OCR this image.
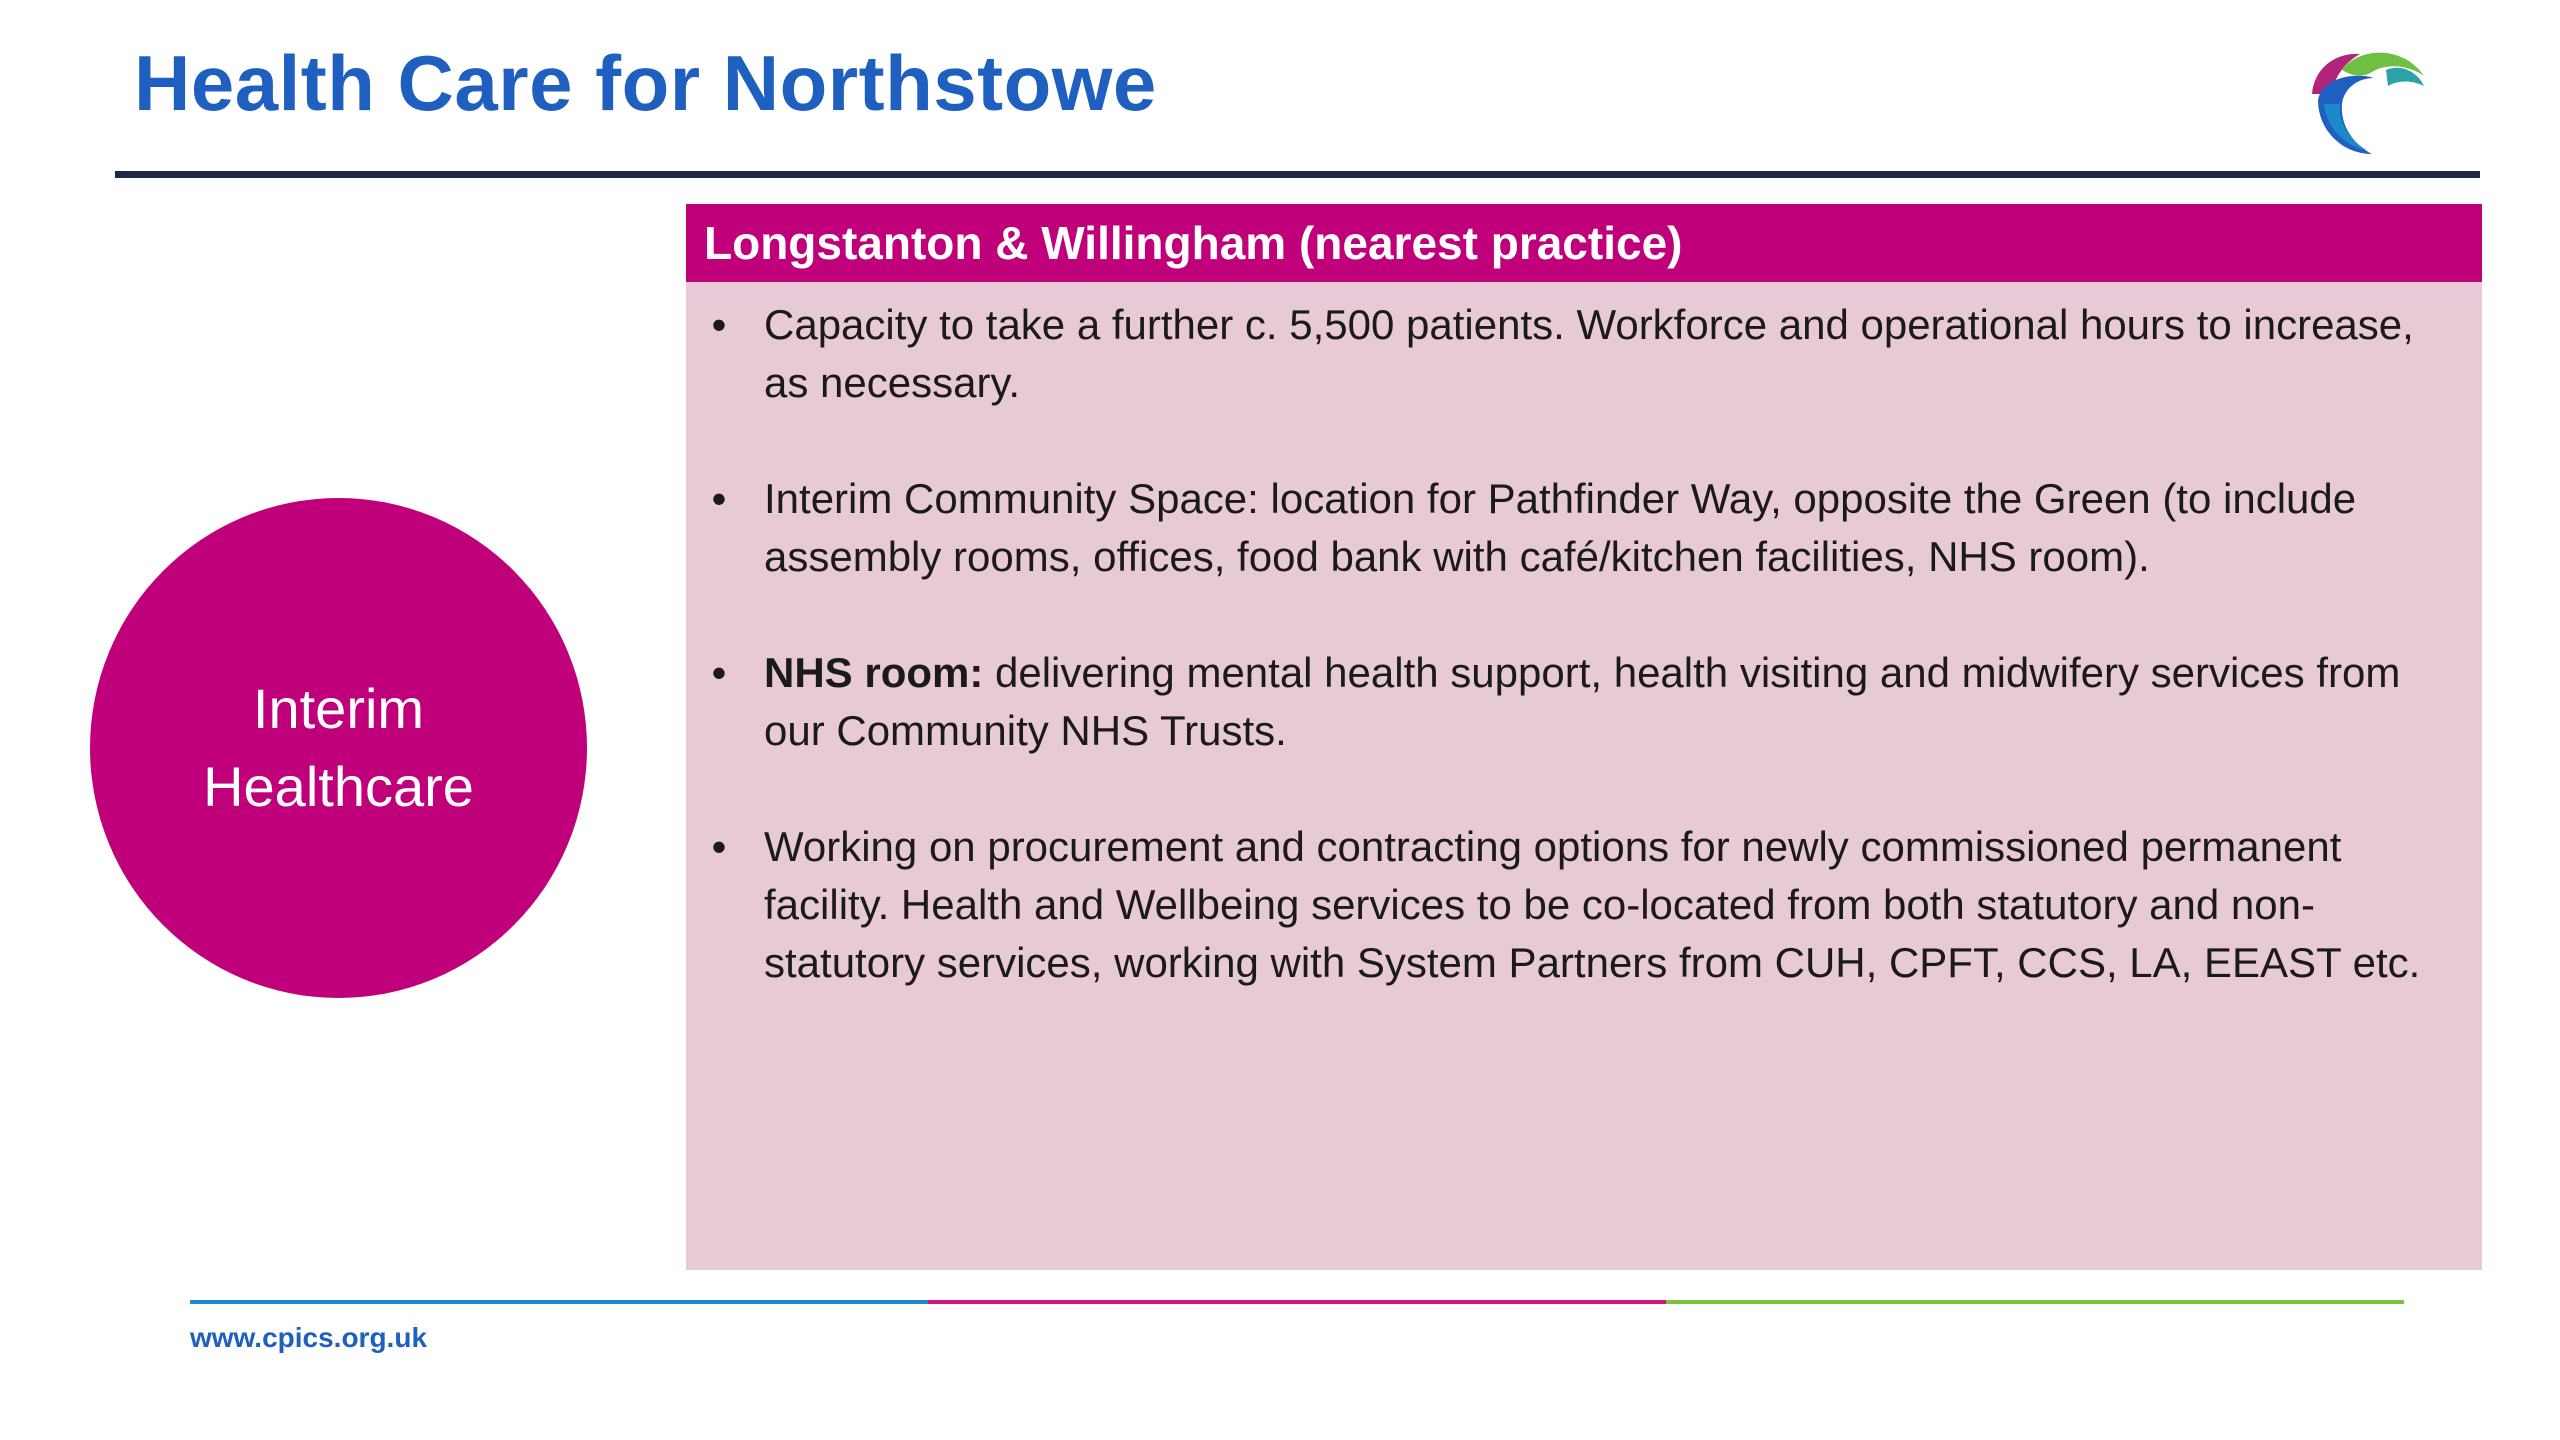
Health Care for Northstowe
Interim
Healthcare
Longstanton & Willingham (nearest practice)
• Capacity to take a further c. 5,500 patients. Workforce and operational hours to increase, as necessary.
• Interim Community Space: location for Pathfinder Way, opposite the Green (to include assembly rooms, offices, food bank with café/kitchen facilities, NHS room).
• NHS room: delivering mental health support, health visiting and midwifery services from our Community NHS Trusts.
• Working on procurement and contracting options for newly commissioned permanent facility. Health and Wellbeing services to be co-located from both statutory and non-statutory services, working with System Partners from CUH, CPFT, CCS, LA, EEAST etc.
www.cpics.org.uk
